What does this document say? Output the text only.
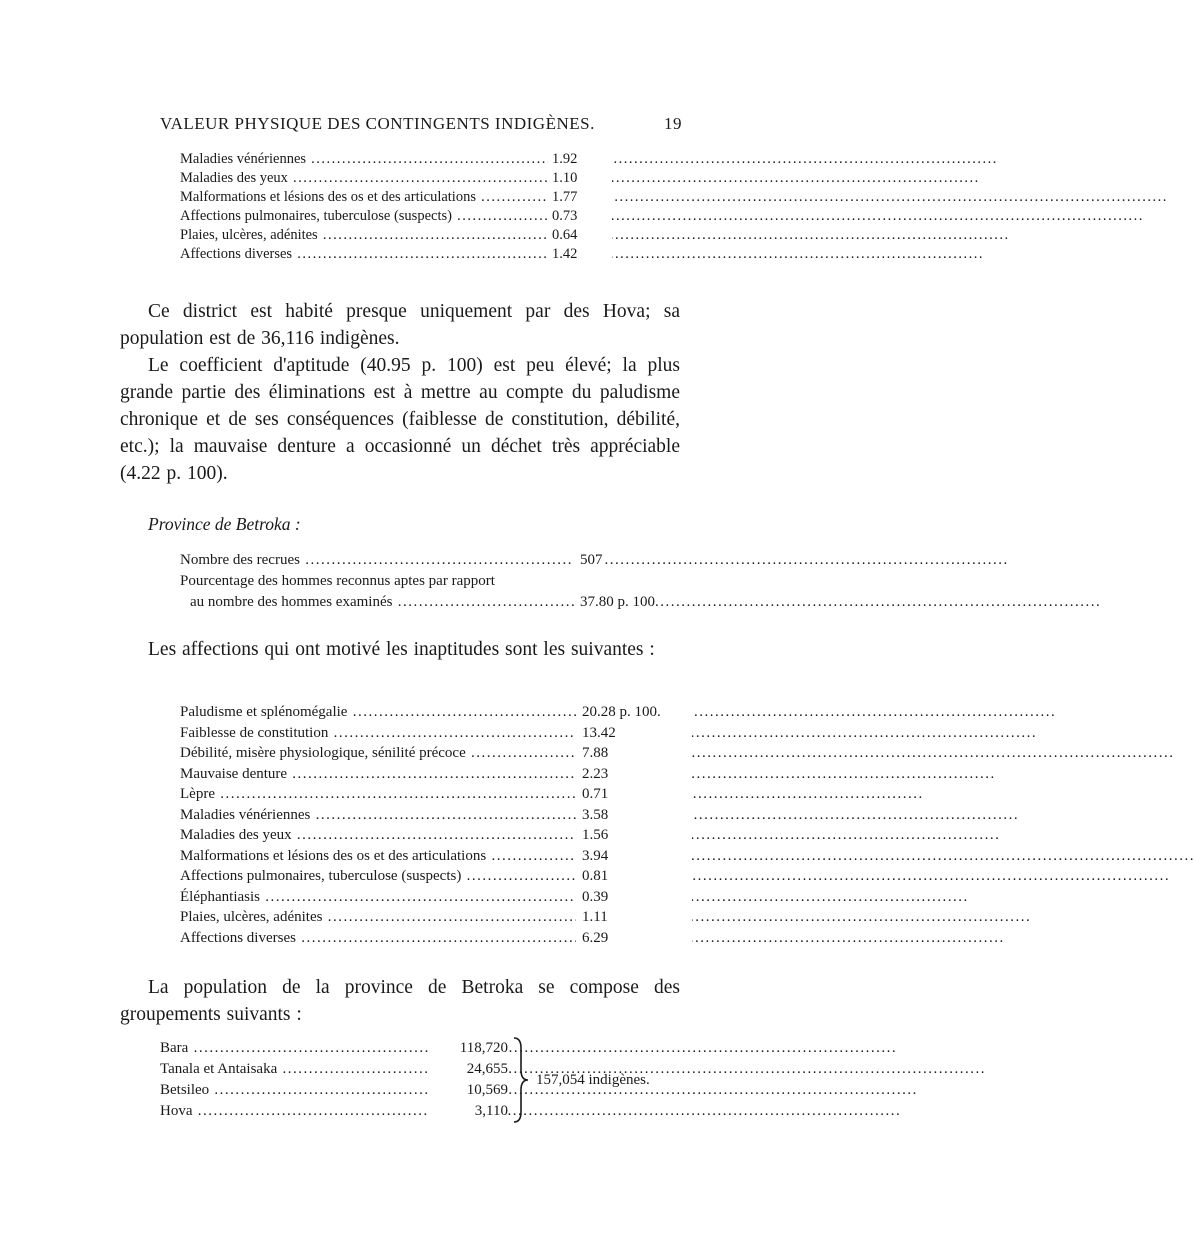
VALEUR PHYSIQUE DES CONTINGENTS INDIGÈNES.	19
Maladies vénériennes .....	1.92
Maladies des yeux .....	1.10
Malformations et lésions des os et des articulations .....	1.77
Affections pulmonaires, tuberculose (suspects) .....	0.73
Plaies, ulcères, adénites .....	0.64
Affections diverses .....	1.42

Ce district est habité presque uniquement par des Hova; sa population est de 36,116 indigènes.

Le coefficient d'aptitude (40.95 p. 100) est peu élevé; la plus grande partie des éliminations est à mettre au compte du paludisme chronique et de ses conséquences (faiblesse de constitution, débilité, etc.); la mauvaise denture a occasionné un déchet très appréciable (4.22 p. 100).

Province de Betroka :
Nombre des recrues .....	507
Pourcentage des hommes reconnus aptes par rapport
au nombre des hommes examinés .....	37.80 p. 100.

Les affections qui ont motivé les inaptitudes sont les suivantes :

Paludisme et splénomégalie .....	20.28 p. 100.
Faiblesse de constitution .....	13.42
Débilité, misère physiologique, sénilité précoce .....	7.88
Mauvaise denture .....	2.23
Lèpre .....	0.71
Maladies vénériennes .....	3.58
Maladies des yeux .....	1.56
Malformations et lésions des os et des articulations .....	3.94
Affections pulmonaires, tuberculose (suspects) .....	0.81
Éléphantiasis .....	0.39
Plaies, ulcères, adénites .....	1.11
Affections diverses .....	6.29

La population de la province de Betroka se compose des groupements suivants :

Bara .....	118,720
Tanala et Antaisaka .....	24,655
Betsileo .....	10,569
Hova .....	3,110
157,054 indigènes.
